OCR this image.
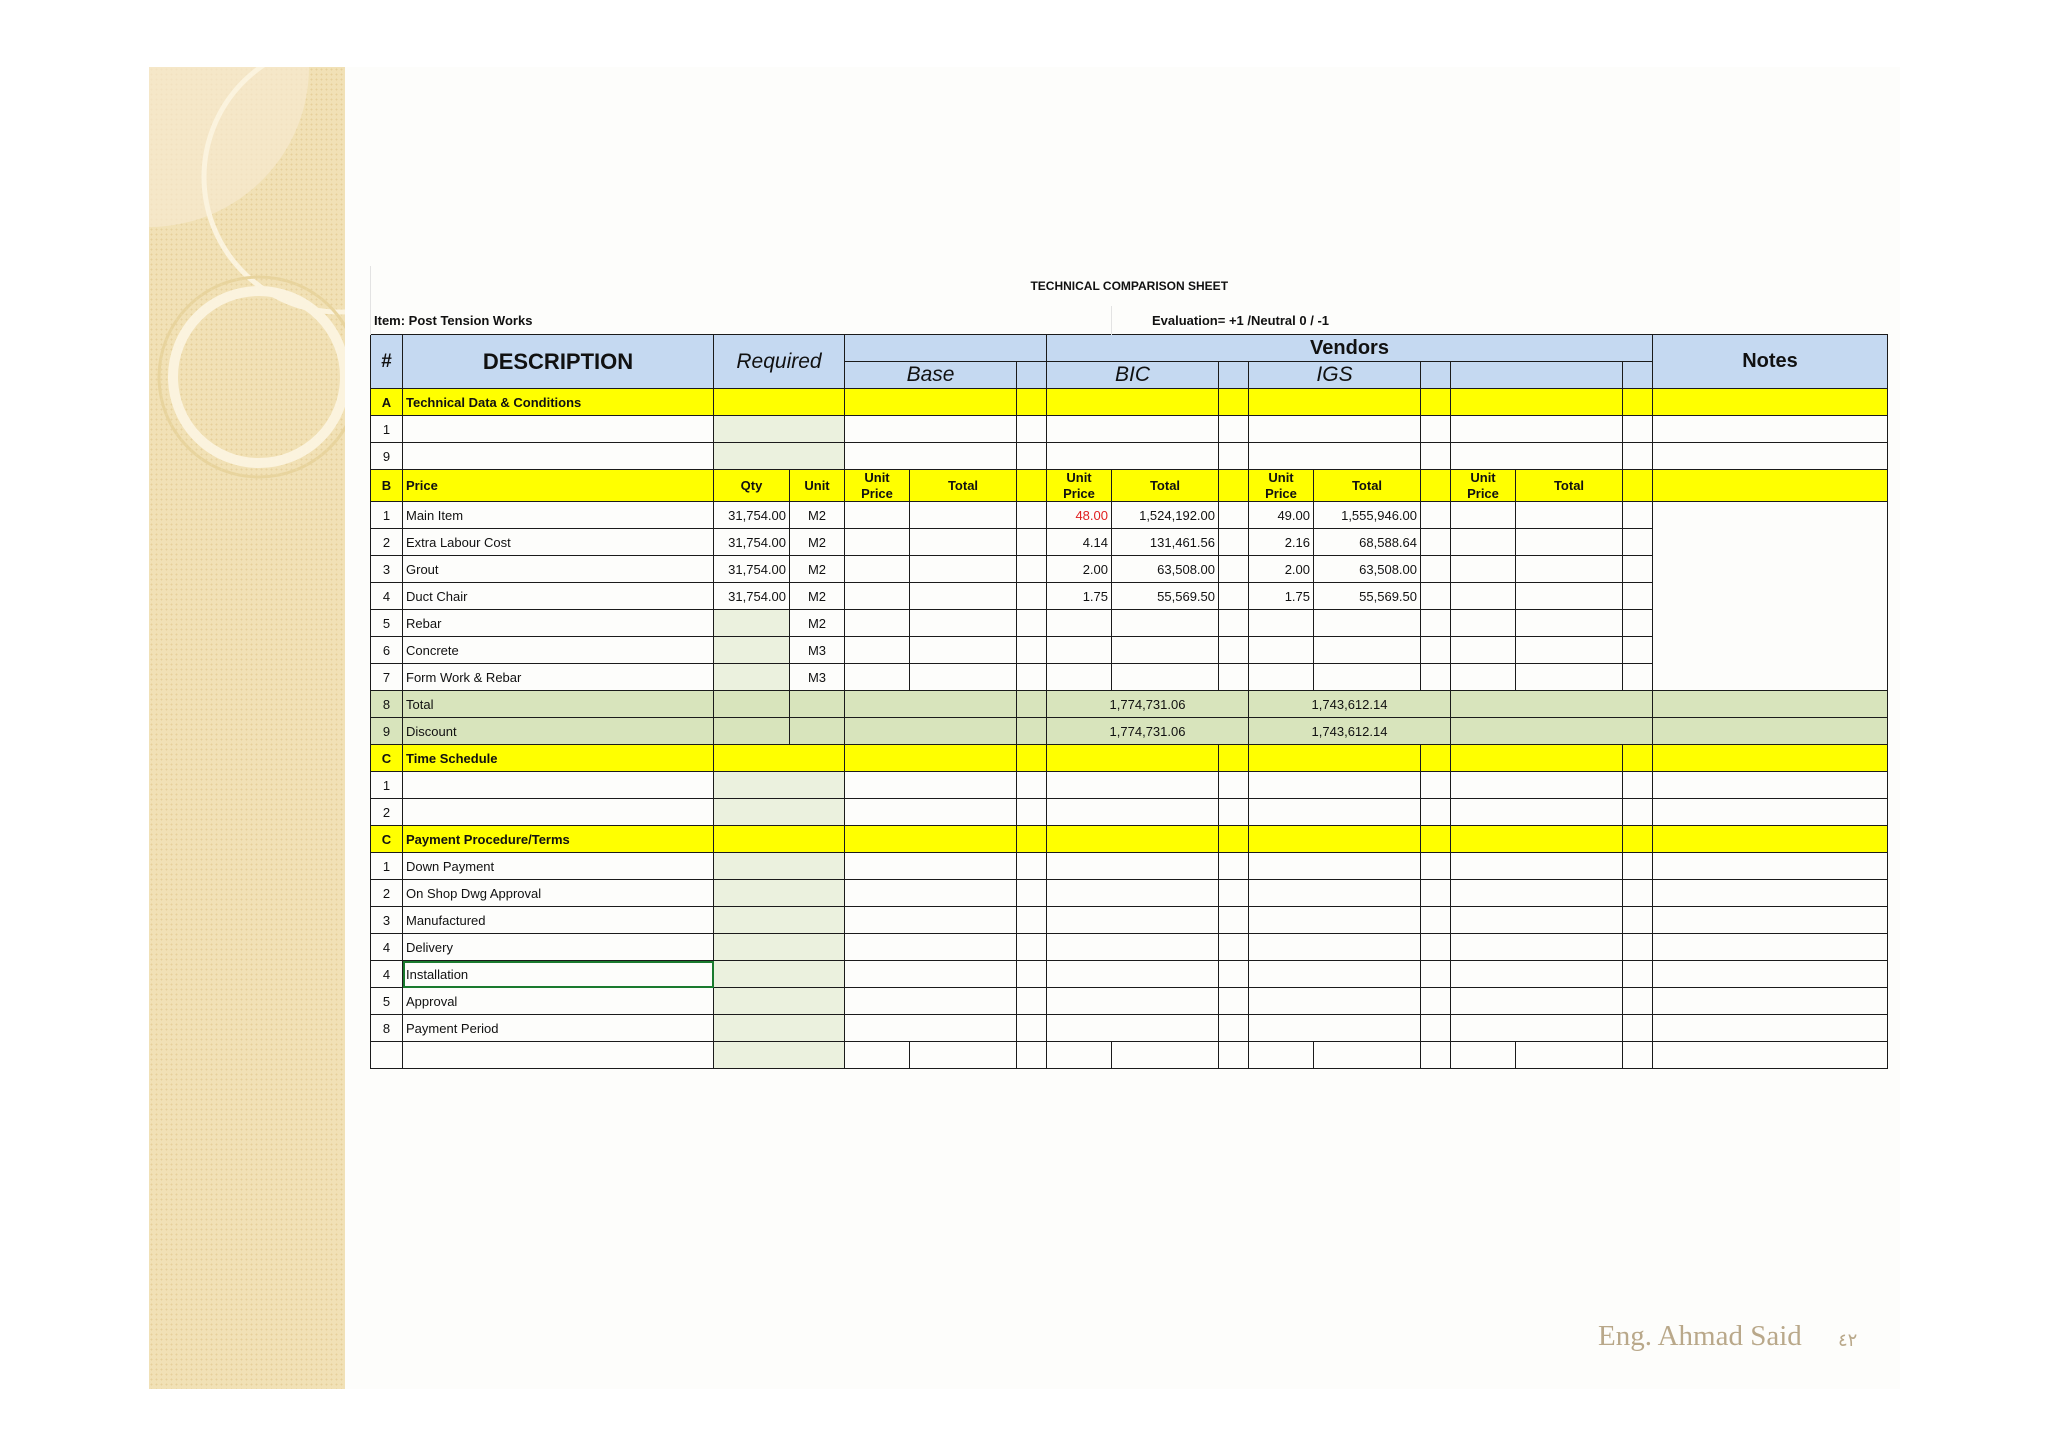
TECHNICAL COMPARISON SHEET																
Item: Post Tension Works								Evaluation= +1 /Neutral 0 / -1								
#	DESCRIPTION	Required					Vendors									Notes
				Base			BIC			IGS						
A	Technical Data & Conditions															
1																
9																
B	Price	Qty	Unit	Unit Price	Total		Unit Price	Total		Unit Price	Total		Unit Price	Total		
1	Main Item	31,754.00	M2				48.00	1,524,192.00		49.00	1,555,946.00					
2	Extra Labour Cost	31,754.00	M2				4.14	131,461.56		2.16	68,588.64					
3	Grout	31,754.00	M2				2.00	63,508.00		2.00	63,508.00					
4	Duct Chair	31,754.00	M2				1.75	55,569.50		1.75	55,569.50					
5	Rebar		M2													
6	Concrete		M3													
7	Form Work & Rebar		M3													
8	Total						1,774,731.06			1,743,612.14						
9	Discount						1,774,731.06			1,743,612.14						
C	Time Schedule															
1																
2																
C	Payment Procedure/Terms															
1	Down Payment															
2	On Shop Dwg Approval															
3	Manufactured															
4	Delivery															
4	Installation															
5	Approval															
8	Payment Period															

Eng. Ahmad Said ٤٢
